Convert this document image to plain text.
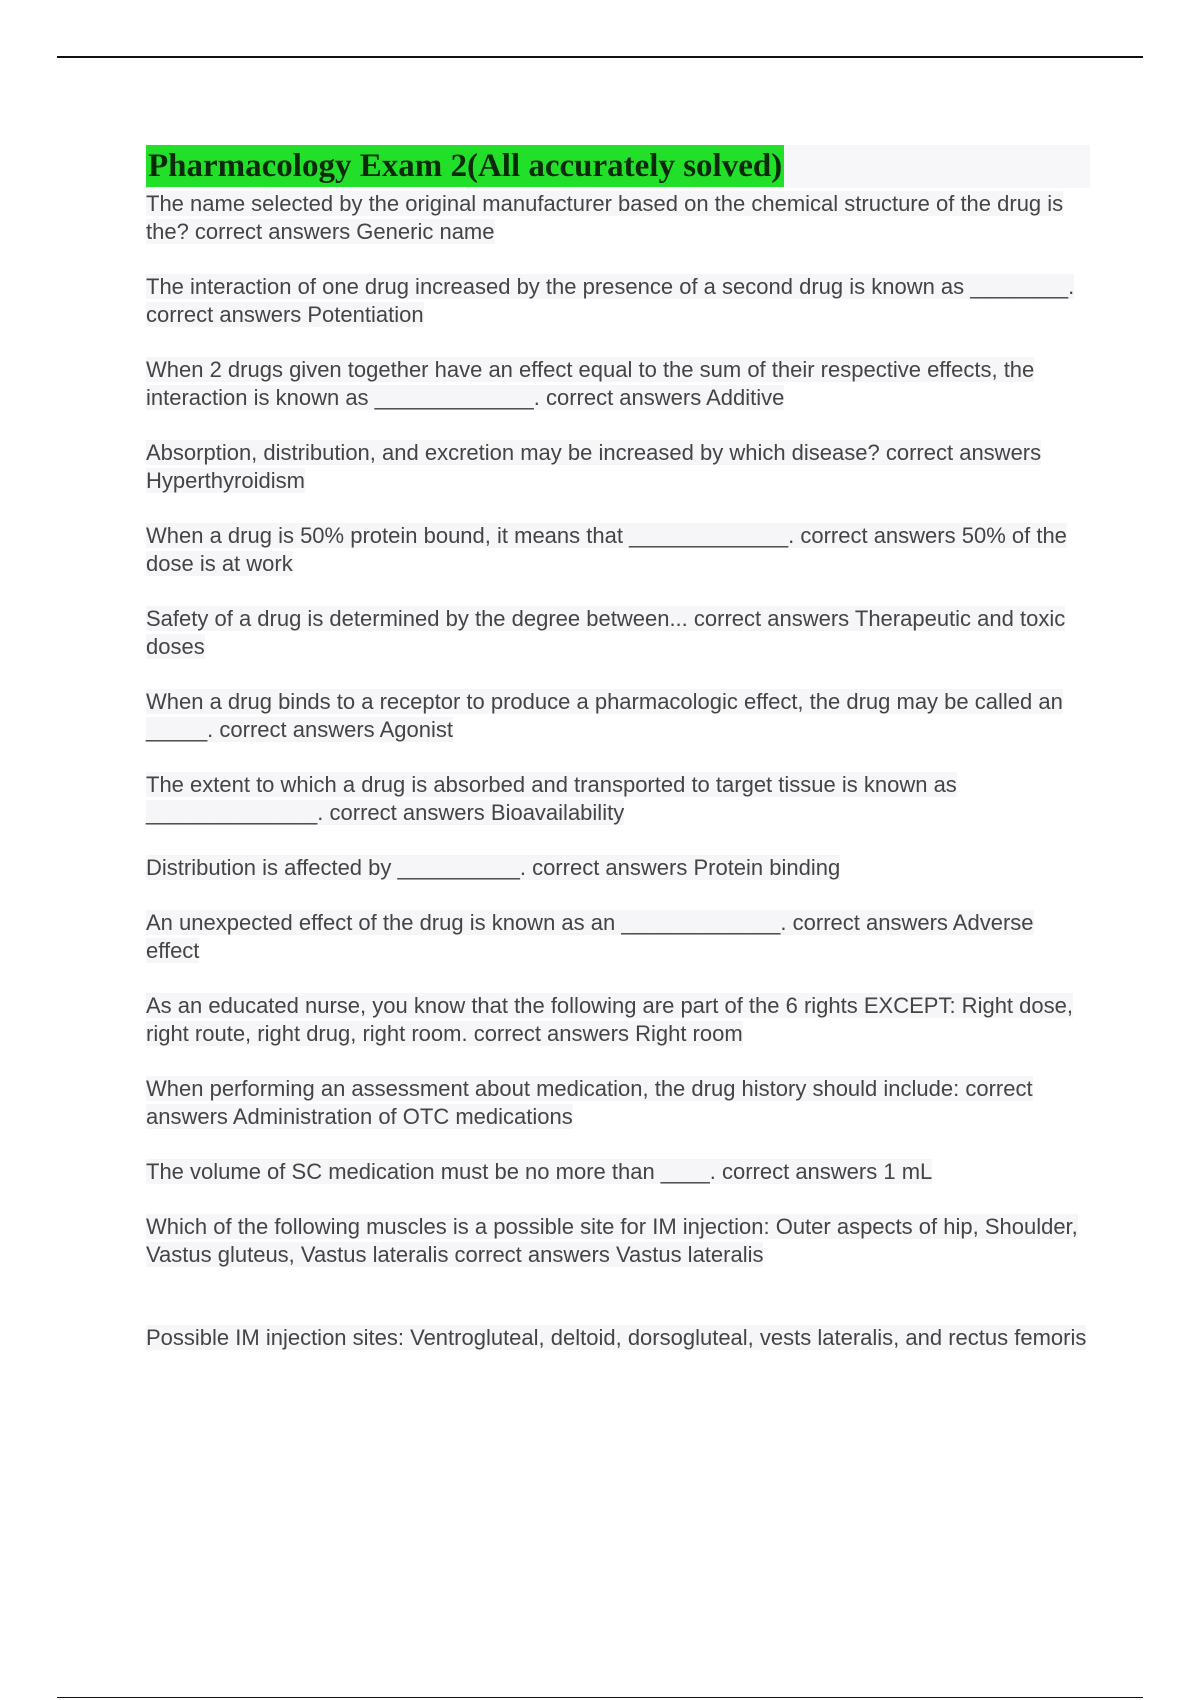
Pharmacology Exam 2(All accurately solved)
The name selected by the original manufacturer based on the chemical structure of the drug is the? correct answers Generic name
The interaction of one drug increased by the presence of a second drug is known as ________. correct answers Potentiation
When 2 drugs given together have an effect equal to the sum of their respective effects, the interaction is known as _____________. correct answers Additive
Absorption, distribution, and excretion may be increased by which disease? correct answers Hyperthyroidism
When a drug is 50% protein bound, it means that _____________. correct answers 50% of the dose is at work
Safety of a drug is determined by the degree between... correct answers Therapeutic and toxic doses
When a drug binds to a receptor to produce a pharmacologic effect, the drug may be called an _____. correct answers Agonist
The extent to which a drug is absorbed and transported to target tissue is known as ______________. correct answers Bioavailability
Distribution is affected by __________. correct answers Protein binding
An unexpected effect of the drug is known as an _____________. correct answers Adverse effect
As an educated nurse, you know that the following are part of the 6 rights EXCEPT: Right dose, right route, right drug, right room. correct answers Right room
When performing an assessment about medication, the drug history should include: correct answers Administration of OTC medications
The volume of SC medication must be no more than ____. correct answers 1 mL
Which of the following muscles is a possible site for IM injection: Outer aspects of hip, Shoulder, Vastus gluteus, Vastus lateralis correct answers Vastus lateralis
Possible IM injection sites: Ventrogluteal, deltoid, dorsogluteal, vests lateralis, and rectus femoris
